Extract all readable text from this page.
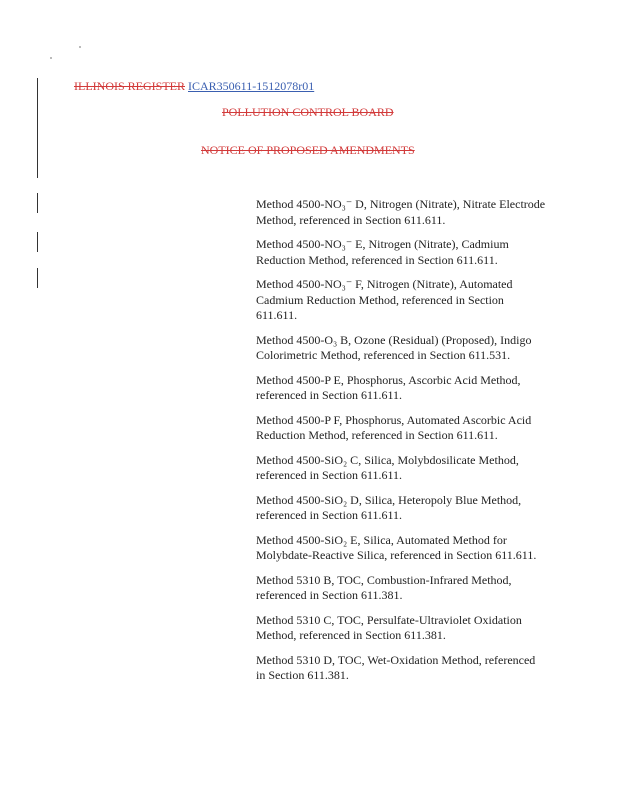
ILLINOIS REGISTER ICAR350611-1512078r01
POLLUTION CONTROL BOARD
NOTICE OF PROPOSED AMENDMENTS

Method 4500-NO₃⁻ D, Nitrogen (Nitrate), Nitrate Electrode Method, referenced in Section 611.611.

Method 4500-NO₃⁻ E, Nitrogen (Nitrate), Cadmium Reduction Method, referenced in Section 611.611.

Method 4500-NO₃⁻ F, Nitrogen (Nitrate), Automated Cadmium Reduction Method, referenced in Section 611.611.

Method 4500-O₃ B, Ozone (Residual) (Proposed), Indigo Colorimetric Method, referenced in Section 611.531.

Method 4500-P E, Phosphorus, Ascorbic Acid Method, referenced in Section 611.611.

Method 4500-P F, Phosphorus, Automated Ascorbic Acid Reduction Method, referenced in Section 611.611.

Method 4500-SiO₂ C, Silica, Molybdosilicate Method, referenced in Section 611.611.

Method 4500-SiO₂ D, Silica, Heteropoly Blue Method, referenced in Section 611.611.

Method 4500-SiO₂ E, Silica, Automated Method for Molybdate-Reactive Silica, referenced in Section 611.611.

Method 5310 B, TOC, Combustion-Infrared Method, referenced in Section 611.381.

Method 5310 C, TOC, Persulfate-Ultraviolet Oxidation Method, referenced in Section 611.381.

Method 5310 D, TOC, Wet-Oxidation Method, referenced in Section 611.381.
